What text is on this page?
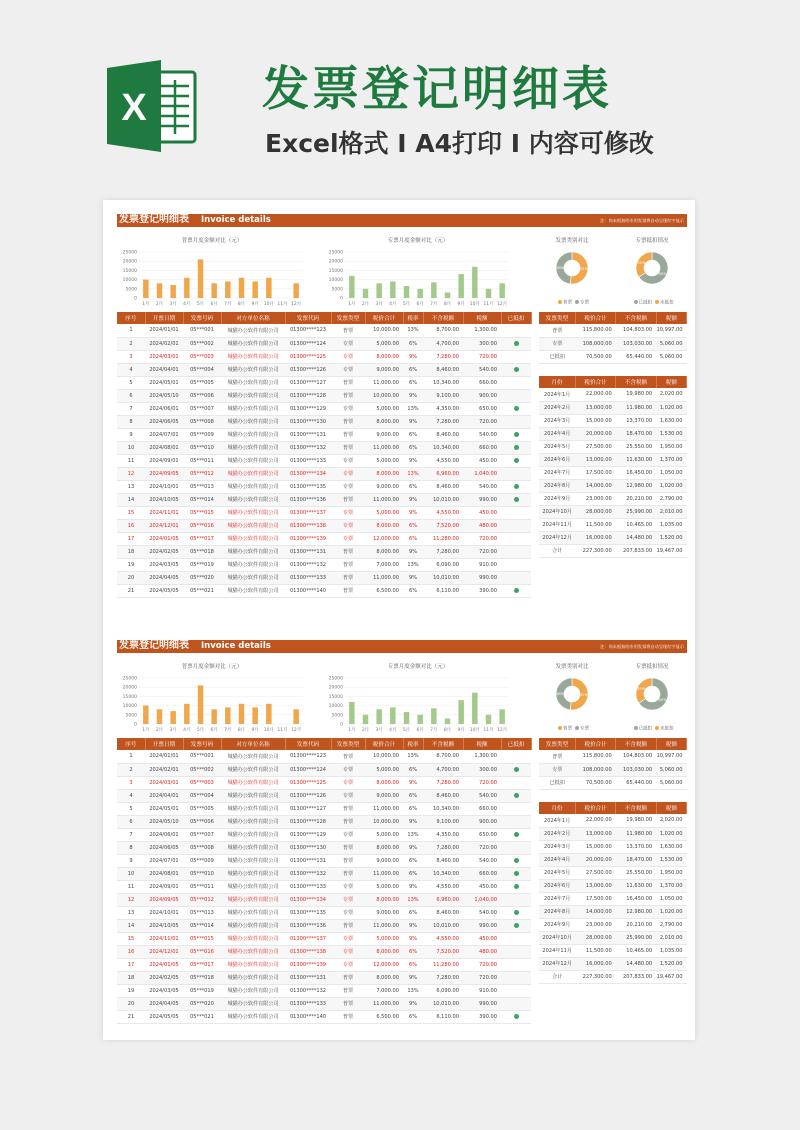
X 发票登记明细表
Excel格式 I A4打印 I 内容可修改
发票登记明细表 Invoice details	注：尚未抵扣的专用发票将自动呈现红字显示
普票月度金额对比（元）
0
5000
10000
15000
20000
25000
1月 2月 3月 4月 5月 6月 7月 8月 9月 10月 11月 12月
专票月度金额对比（元）
0
5000
10000
15000
20000
25000
1月 2月 3月 4月 5月 6月 7月 8月 9月 10月 11月 12月
发票类别对比
52%
48%
普票 专票
专票抵扣情况
65%
35%
已抵扣 未抵扣
序号	开票日期	发票号码	对方单位名称	发票代码	发票类型	税价合计	税率	不含税额	税额	已抵扣
1	2024/01/01	05***001	城猫办公软件有限公司	01300****123	普票	10,000.00	13%	8,700.00	1,300.00	
2	2024/02/01	05***002	城猫办公软件有限公司	01300****124	专票	5,000.00	6%	4,700.00	300.00	
3	2024/03/01	05***003	城猫办公软件有限公司	01300****125	专票	8,000.00	9%	7,280.00	720.00	
4	2024/04/01	05***004	城猫办公软件有限公司	01300****126	专票	9,000.00	6%	8,460.00	540.00	
5	2024/05/01	05***005	城猫办公软件有限公司	01300****127	普票	11,000.00	6%	10,340.00	660.00	
6	2024/05/10	05***006	城猫办公软件有限公司	01300****128	普票	10,000.00	9%	9,100.00	900.00	
7	2024/06/01	05***007	城猫办公软件有限公司	01300****129	专票	5,000.00	13%	4,350.00	650.00	
8	2024/06/05	05***008	城猫办公软件有限公司	01300****130	普票	8,000.00	9%	7,280.00	720.00	
9	2024/07/01	05***009	城猫办公软件有限公司	01300****131	普票	9,000.00	6%	8,460.00	540.00	
10	2024/08/01	05***010	城猫办公软件有限公司	01300****132	普票	11,000.00	6%	10,340.00	660.00	
11	2024/09/01	05***011	城猫办公软件有限公司	01300****133	专票	5,000.00	9%	4,550.00	450.00	
12	2024/09/05	05***012	城猫办公软件有限公司	01300****134	专票	8,000.00	13%	6,960.00	1,040.00	
13	2024/10/01	05***013	城猫办公软件有限公司	01300****135	专票	9,000.00	6%	8,460.00	540.00	
14	2024/10/05	05***014	城猫办公软件有限公司	01300****136	普票	11,000.00	9%	10,010.00	990.00	
15	2024/11/01	05***015	城猫办公软件有限公司	01300****137	专票	5,000.00	9%	4,550.00	450.00	
16	2024/12/01	05***016	城猫办公软件有限公司	01300****138	专票	8,000.00	6%	7,520.00	480.00	
17	2024/01/05	05***017	城猫办公软件有限公司	01300****139	专票	12,000.00	6%	11,280.00	720.00	
18	2024/02/05	05***018	城猫办公软件有限公司	01300****131	普票	8,000.00	9%	7,280.00	720.00	
19	2024/03/05	05***019	城猫办公软件有限公司	01300****132	普票	7,000.00	13%	6,090.00	910.00	
20	2024/04/05	05***020	城猫办公软件有限公司	01300****133	普票	11,000.00	9%	10,010.00	990.00	
21	2024/05/05	05***021	城猫办公软件有限公司	01300****140	普票	6,500.00	6%	6,110.00	390.00	
发票类型	税价合计	不含税额	税额
普票	115,800.00	104,803.00	10,997.00
专票	108,000.00	103,030.00	5,060.00
已抵扣	70,500.00	65,440.00	5,060.00
月份	税价合计	不含税额	税额
2024年1月	22,000.00	19,980.00	2,020.00
2024年2月	13,000.00	11,980.00	1,020.00
2024年3月	15,000.00	13,370.00	1,630.00
2024年4月	20,000.00	18,470.00	1,530.00
2024年5月	27,500.00	25,550.00	1,950.00
2024年6月	13,000.00	11,630.00	1,370.00
2024年7月	17,500.00	16,450.00	1,050.00
2024年8月	14,000.00	12,980.00	1,020.00
2024年9月	23,000.00	20,210.00	2,790.00
2024年10月	28,000.00	25,990.00	2,010.00
2024年11月	11,500.00	10,465.00	1,035.00
2024年12月	16,000.00	14,480.00	1,520.00
合计	227,300.00	207,833.00	19,467.00
发票登记明细表 Invoice details	注：尚未抵扣的专用发票将自动呈现红字显示
普票月度金额对比（元）
0
5000
10000
15000
20000
25000
1月 2月 3月 4月 5月 6月 7月 8月 9月 10月 11月 12月
专票月度金额对比（元）
0
5000
10000
15000
20000
25000
1月 2月 3月 4月 5月 6月 7月 8月 9月 10月 11月 12月
发票类别对比
52%
48%
普票 专票
专票抵扣情况
65%
35%
已抵扣 未抵扣
序号	开票日期	发票号码	对方单位名称	发票代码	发票类型	税价合计	税率	不含税额	税额	已抵扣
1	2024/01/01	05***001	城猫办公软件有限公司	01300****123	普票	10,000.00	13%	8,700.00	1,300.00	
2	2024/02/01	05***002	城猫办公软件有限公司	01300****124	专票	5,000.00	6%	4,700.00	300.00	
3	2024/03/01	05***003	城猫办公软件有限公司	01300****125	专票	8,000.00	9%	7,280.00	720.00	
4	2024/04/01	05***004	城猫办公软件有限公司	01300****126	专票	9,000.00	6%	8,460.00	540.00	
5	2024/05/01	05***005	城猫办公软件有限公司	01300****127	普票	11,000.00	6%	10,340.00	660.00	
6	2024/05/10	05***006	城猫办公软件有限公司	01300****128	普票	10,000.00	9%	9,100.00	900.00	
7	2024/06/01	05***007	城猫办公软件有限公司	01300****129	专票	5,000.00	13%	4,350.00	650.00	
8	2024/06/05	05***008	城猫办公软件有限公司	01300****130	普票	8,000.00	9%	7,280.00	720.00	
9	2024/07/01	05***009	城猫办公软件有限公司	01300****131	普票	9,000.00	6%	8,460.00	540.00	
10	2024/08/01	05***010	城猫办公软件有限公司	01300****132	普票	11,000.00	6%	10,340.00	660.00	
11	2024/09/01	05***011	城猫办公软件有限公司	01300****133	专票	5,000.00	9%	4,550.00	450.00	
12	2024/09/05	05***012	城猫办公软件有限公司	01300****134	专票	8,000.00	13%	6,960.00	1,040.00	
13	2024/10/01	05***013	城猫办公软件有限公司	01300****135	专票	9,000.00	6%	8,460.00	540.00	
14	2024/10/05	05***014	城猫办公软件有限公司	01300****136	普票	11,000.00	9%	10,010.00	990.00	
15	2024/11/01	05***015	城猫办公软件有限公司	01300****137	专票	5,000.00	9%	4,550.00	450.00	
16	2024/12/01	05***016	城猫办公软件有限公司	01300****138	专票	8,000.00	6%	7,520.00	480.00	
17	2024/01/05	05***017	城猫办公软件有限公司	01300****139	专票	12,000.00	6%	11,280.00	720.00	
18	2024/02/05	05***018	城猫办公软件有限公司	01300****131	普票	8,000.00	9%	7,280.00	720.00	
19	2024/03/05	05***019	城猫办公软件有限公司	01300****132	普票	7,000.00	13%	6,090.00	910.00	
20	2024/04/05	05***020	城猫办公软件有限公司	01300****133	普票	11,000.00	9%	10,010.00	990.00	
21	2024/05/05	05***021	城猫办公软件有限公司	01300****140	普票	6,500.00	6%	6,110.00	390.00	
发票类型	税价合计	不含税额	税额
普票	115,800.00	104,803.00	10,997.00
专票	108,000.00	103,030.00	5,060.00
已抵扣	70,500.00	65,440.00	5,060.00
月份	税价合计	不含税额	税额
2024年1月	22,000.00	19,980.00	2,020.00
2024年2月	13,000.00	11,980.00	1,020.00
2024年3月	15,000.00	13,370.00	1,630.00
2024年4月	20,000.00	18,470.00	1,530.00
2024年5月	27,500.00	25,550.00	1,950.00
2024年6月	13,000.00	11,630.00	1,370.00
2024年7月	17,500.00	16,450.00	1,050.00
2024年8月	14,000.00	12,980.00	1,020.00
2024年9月	23,000.00	20,210.00	2,790.00
2024年10月	28,000.00	25,990.00	2,010.00
2024年11月	11,500.00	10,465.00	1,035.00
2024年12月	16,000.00	14,480.00	1,520.00
合计	227,300.00	207,833.00	19,467.00
